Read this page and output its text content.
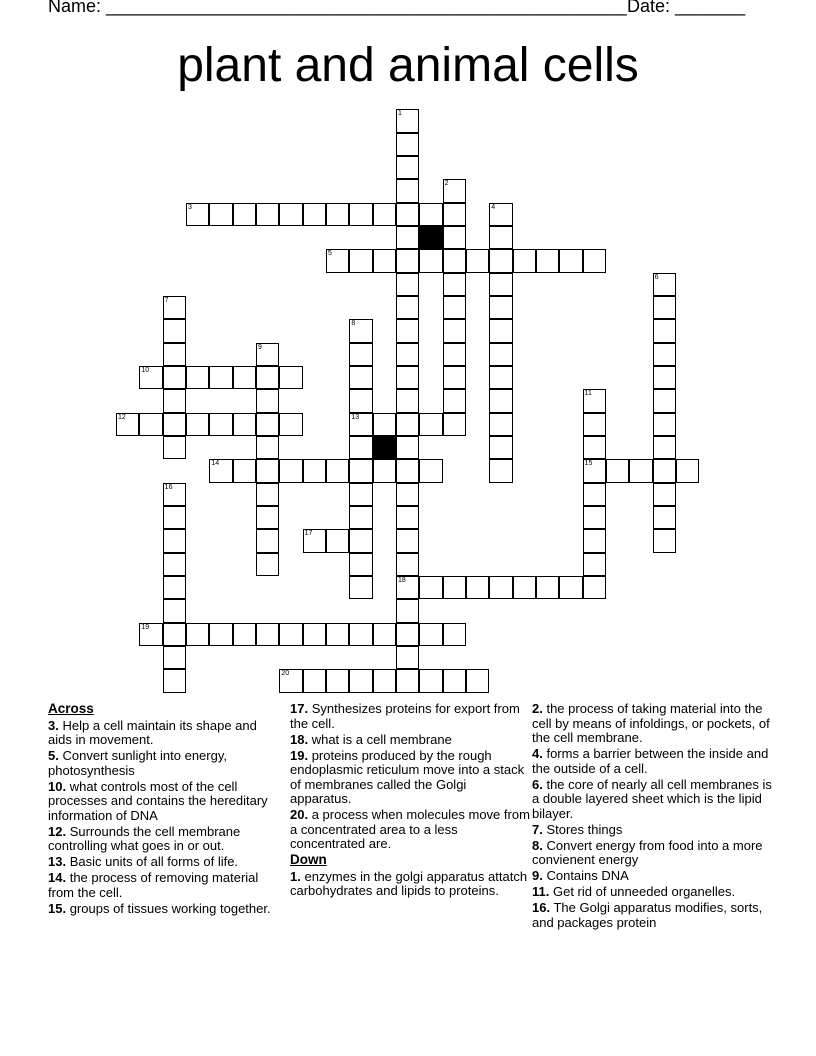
Name: ____________________________________________________ Date: _______
plant and animal cells
1
18
2
3	4
5
6
7
8
13
9
10
11
15
12
14
16
17
19
20
Across
3. Help a cell maintain its shape and aids in movement.
5. Convert sunlight into energy, photosynthesis
10. what controls most of the cell processes and contains the hereditary information of DNA
12. Surrounds the cell membrane controlling what goes in or out.
13. Basic units of all forms of life.
14. the process of removing material from the cell.
15. groups of tissues working together.
17. Synthesizes proteins for export from the cell.
18. what is a cell membrane
19. proteins produced by the rough endoplasmic reticulum move into a stack of membranes called the Golgi apparatus.
20. a process when molecules move from a concentrated area to a less concentrated are.
Down
1. enzymes in the golgi apparatus attatch carbohydrates and lipids to proteins.
2. the process of taking material into the cell by means of infoldings, or pockets, of the cell membrane.
4. forms a barrier between the inside and the outside of a cell.
6. the core of nearly all cell membranes is a double layered sheet which is the lipid bilayer.
7. Stores things
8. Convert energy from food into a more convienent energy
9. Contains DNA
11. Get rid of unneeded organelles.
16. The Golgi apparatus modifies, sorts, and packages protein
